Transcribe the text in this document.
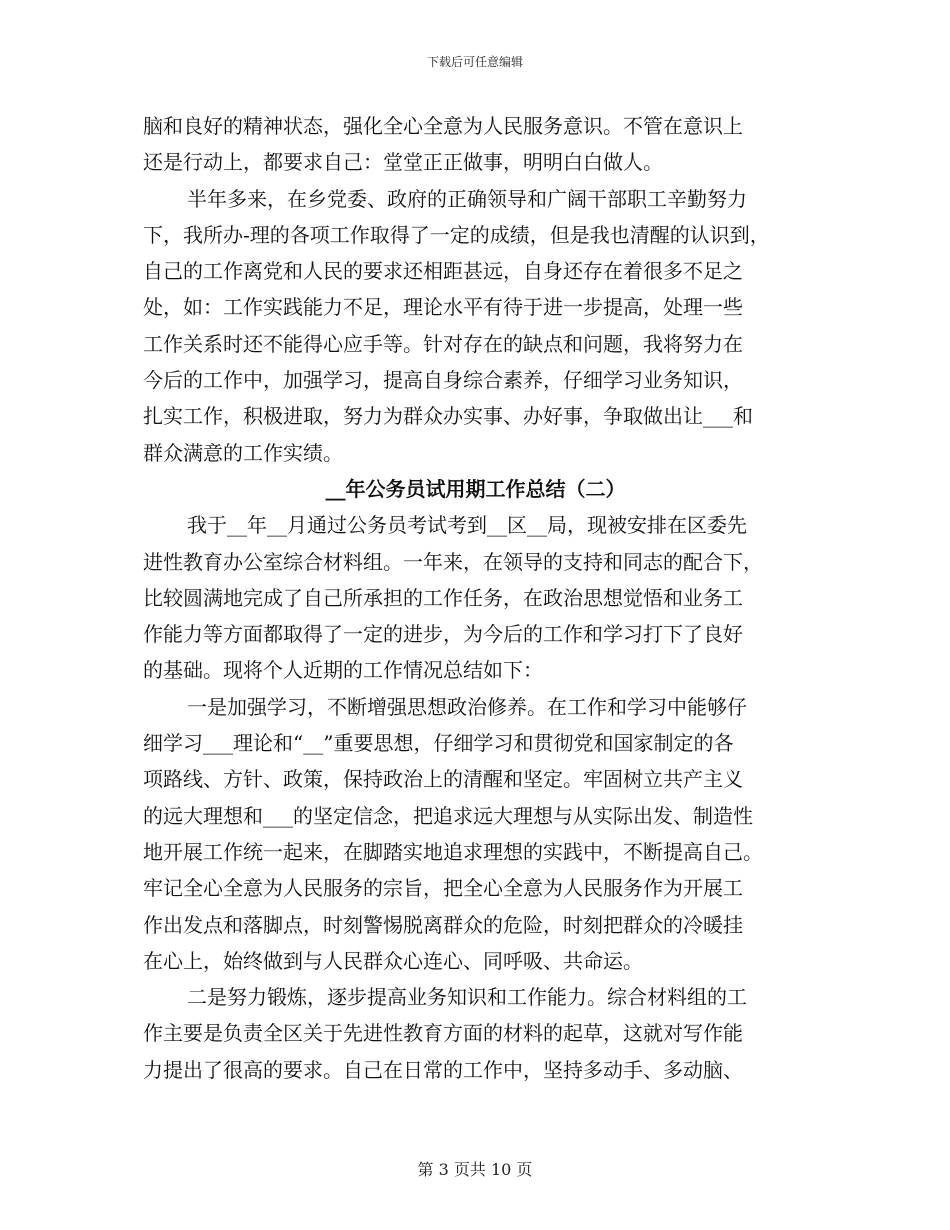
下载后可任意编辑
脑和良好的精神状态，强化全心全意为人民服务意识。不管在意识上
还是行动上，都要求自己：堂堂正正做事，明明白白做人。
半年多来，在乡党委、政府的正确领导和广阔干部职工辛勤努力
下，我所办-理的各项工作取得了一定的成绩，但是我也清醒的认识到，
自己的工作离党和人民的要求还相距甚远，自身还存在着很多不足之
处，如：工作实践能力不足，理论水平有待于进一步提高，处理一些
工作关系时还不能得心应手等。针对存在的缺点和问题，我将努力在
今后的工作中，加强学习，提高自身综合素养，仔细学习业务知识，
扎实工作，积极进取，努力为群众办实事、办好事，争取做出让___和
群众满意的工作实绩。
__年公务员试用期工作总结（二）
我于__年__月通过公务员考试考到__区__局，现被安排在区委先
进性教育办公室综合材料组。一年来，在领导的支持和同志的配合下，
比较圆满地完成了自己所承担的工作任务，在政治思想觉悟和业务工
作能力等方面都取得了一定的进步，为今后的工作和学习打下了良好
的基础。现将个人近期的工作情况总结如下：
一是加强学习，不断增强思想政治修养。在工作和学习中能够仔
细学习___理论和“__”重要思想，仔细学习和贯彻党和国家制定的各
项路线、方针、政策，保持政治上的清醒和坚定。牢固树立共产主义
的远大理想和___的坚定信念，把追求远大理想与从实际出发、制造性
地开展工作统一起来，在脚踏实地追求理想的实践中，不断提高自己。
牢记全心全意为人民服务的宗旨，把全心全意为人民服务作为开展工
作出发点和落脚点，时刻警惕脱离群众的危险，时刻把群众的冷暖挂
在心上，始终做到与人民群众心连心、同呼吸、共命运。
二是努力锻炼，逐步提高业务知识和工作能力。综合材料组的工
作主要是负责全区关于先进性教育方面的材料的起草，这就对写作能
力提出了很高的要求。自己在日常的工作中，坚持多动手、多动脑、
第 3 页共 10 页
